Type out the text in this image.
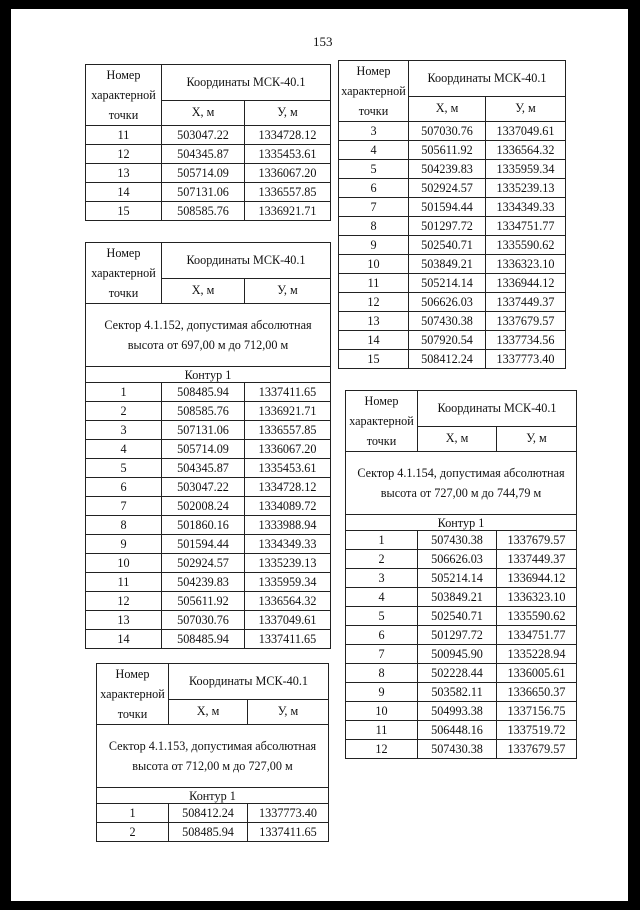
153
Номер характерной точки	Координаты МСК-40.1	
	Х, м	У, м
11	503047.22	1334728.12
12	504345.87	1335453.61
13	505714.09	1336067.20
14	507131.06	1336557.85
15	508585.76	1336921.71
Номер характерной точки	Координаты МСК-40.1	
	Х, м	У, м
Сектор 4.1.152, допустимая абсолютная высота от 697,00 м до 712,00 м		
Контур 1		
1	508485.94	1337411.65
2	508585.76	1336921.71
3	507131.06	1336557.85
4	505714.09	1336067.20
5	504345.87	1335453.61
6	503047.22	1334728.12
7	502008.24	1334089.72
8	501860.16	1333988.94
9	501594.44	1334349.33
10	502924.57	1335239.13
11	504239.83	1335959.34
12	505611.92	1336564.32
13	507030.76	1337049.61
14	508485.94	1337411.65
Номер характерной точки	Координаты МСК-40.1	
	Х, м	У, м
Сектор 4.1.153, допустимая абсолютная высота от 712,00 м до 727,00 м		
Контур 1		
1	508412.24	1337773.40
2	508485.94	1337411.65
Номер характерной точки	Координаты МСК-40.1	
	Х, м	У, м
3	507030.76	1337049.61
4	505611.92	1336564.32
5	504239.83	1335959.34
6	502924.57	1335239.13
7	501594.44	1334349.33
8	501297.72	1334751.77
9	502540.71	1335590.62
10	503849.21	1336323.10
11	505214.14	1336944.12
12	506626.03	1337449.37
13	507430.38	1337679.57
14	507920.54	1337734.56
15	508412.24	1337773.40
Номер характерной точки	Координаты МСК-40.1	
	Х, м	У, м
Сектор 4.1.154, допустимая абсолютная высота от 727,00 м до 744,79 м		
Контур 1		
1	507430.38	1337679.57
2	506626.03	1337449.37
3	505214.14	1336944.12
4	503849.21	1336323.10
5	502540.71	1335590.62
6	501297.72	1334751.77
7	500945.90	1335228.94
8	502228.44	1336005.61
9	503582.11	1336650.37
10	504993.38	1337156.75
11	506448.16	1337519.72
12	507430.38	1337679.57
